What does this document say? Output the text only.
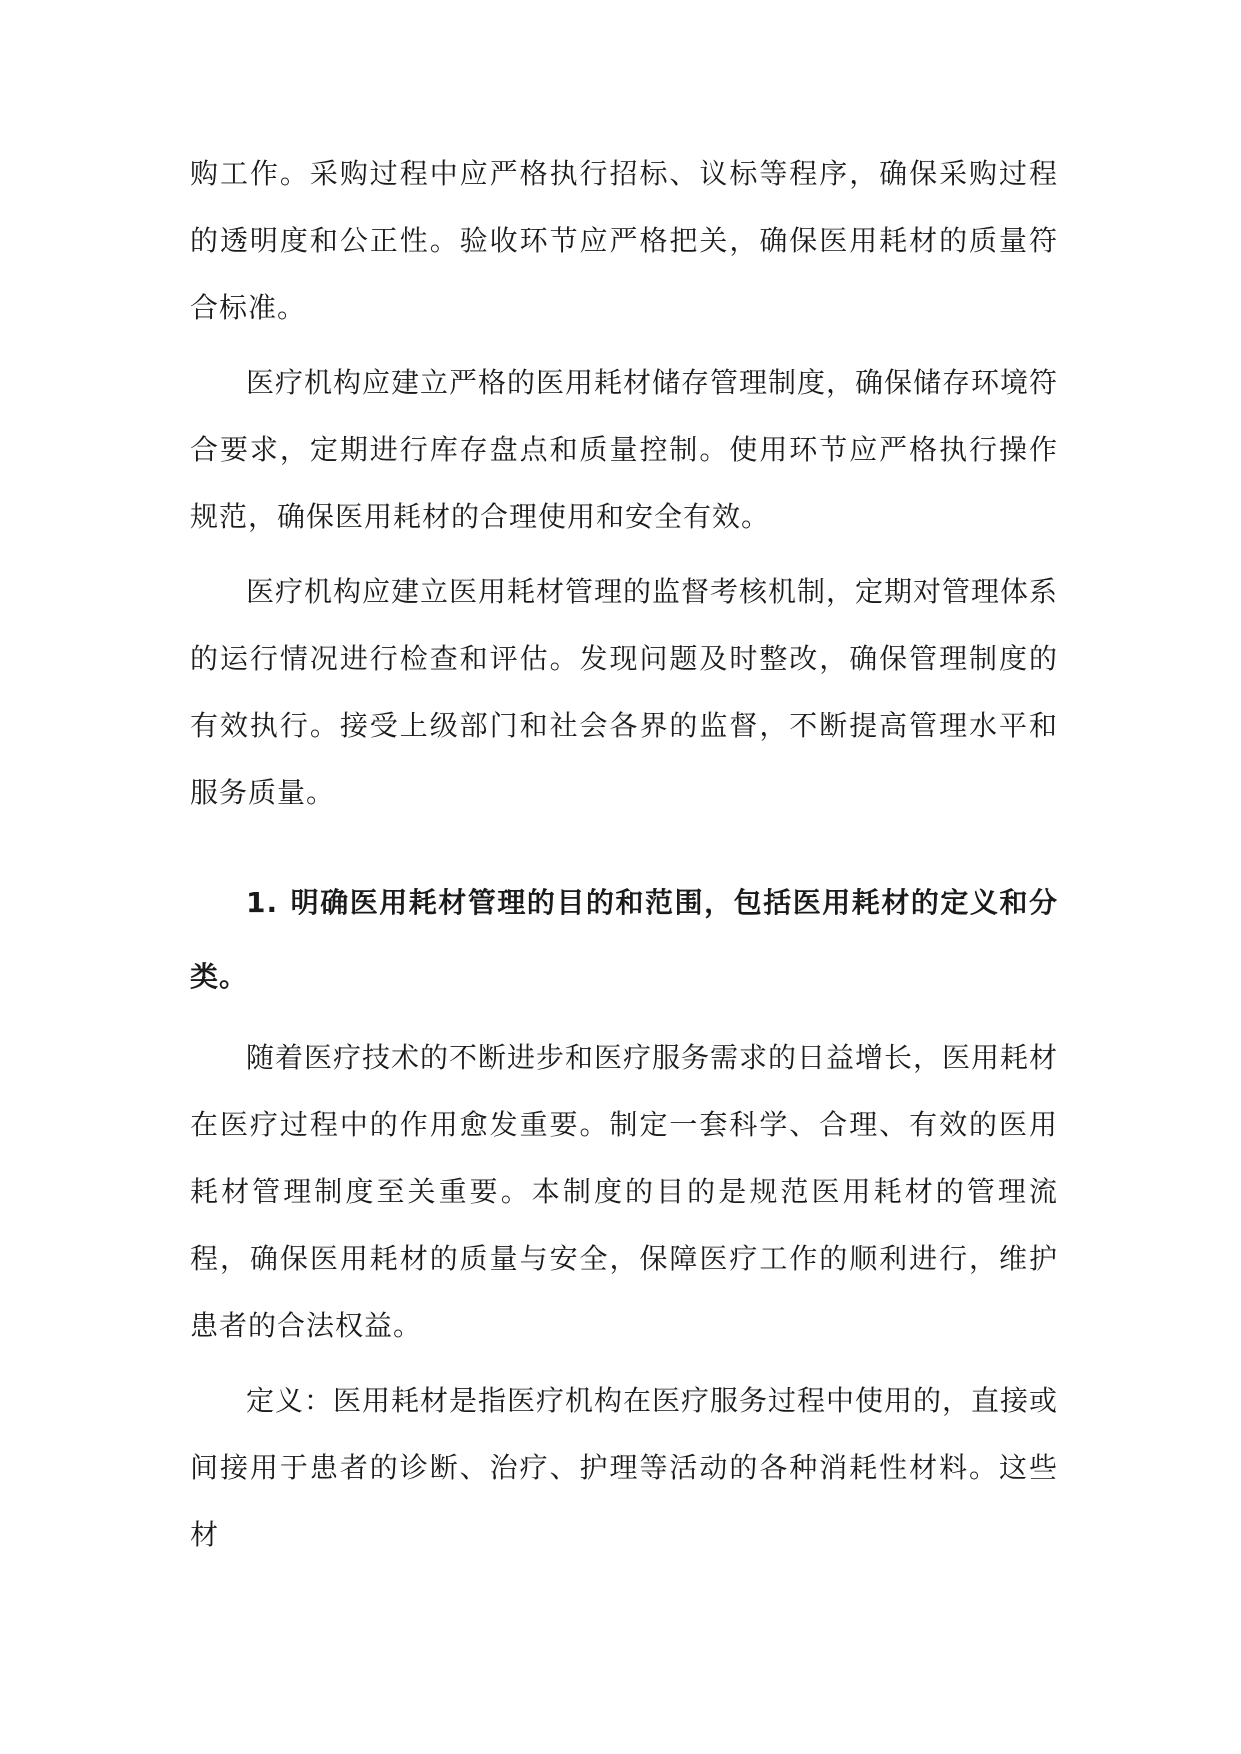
购工作。采购过程中应严格执行招标、议标等程序，确保采购过程的透明度和公正性。验收环节应严格把关，确保医用耗材的质量符合标准。

医疗机构应建立严格的医用耗材储存管理制度，确保储存环境符合要求，定期进行库存盘点和质量控制。使用环节应严格执行操作规范，确保医用耗材的合理使用和安全有效。

医疗机构应建立医用耗材管理的监督考核机制，定期对管理体系的运行情况进行检查和评估。发现问题及时整改，确保管理制度的有效执行。接受上级部门和社会各界的监督，不断提高管理水平和服务质量。

1. 明确医用耗材管理的目的和范围，包括医用耗材的定义和分类。

随着医疗技术的不断进步和医疗服务需求的日益增长，医用耗材在医疗过程中的作用愈发重要。制定一套科学、合理、有效的医用耗材管理制度至关重要。本制度的目的是规范医用耗材的管理流程，确保医用耗材的质量与安全，保障医疗工作的顺利进行，维护患者的合法权益。

定义：医用耗材是指医疗机构在医疗服务过程中使用的，直接或间接用于患者的诊断、治疗、护理等活动的各种消耗性材料。这些材
